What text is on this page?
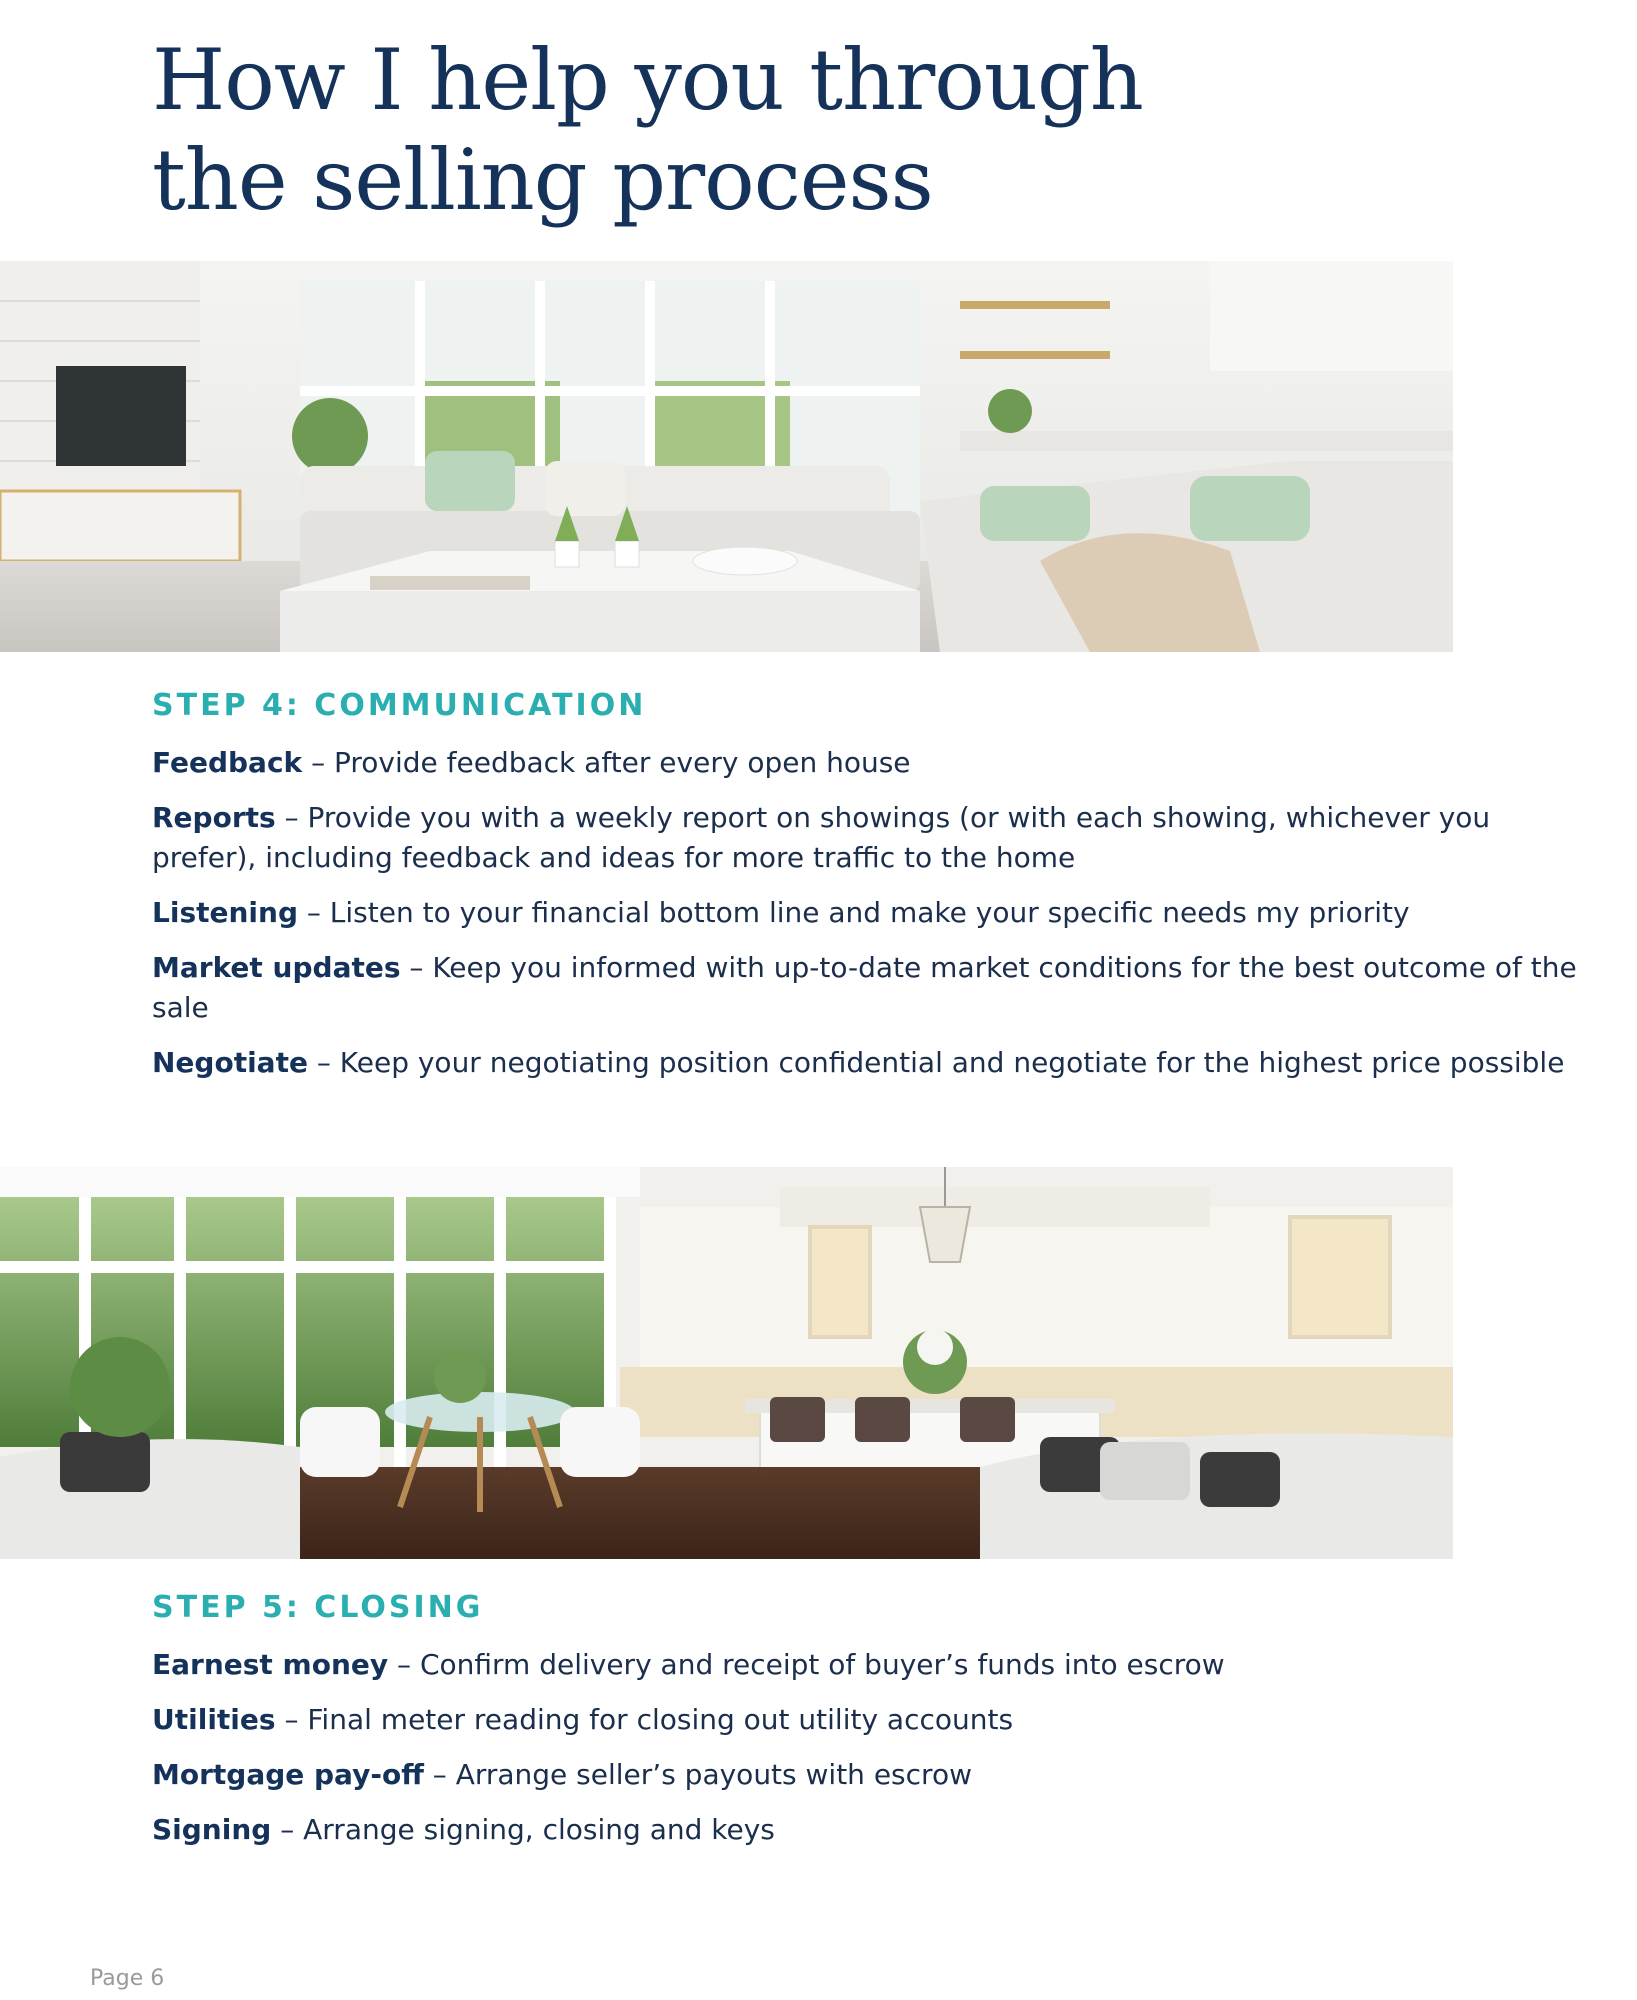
How I help you through
the selling process
STEP 4: COMMUNICATION

Feedback – Provide feedback after every open house

Reports – Provide you with a weekly report on showings (or with each showing, whichever you prefer), including feedback and ideas for more traffic to the home

Listening – Listen to your financial bottom line and make your specific needs my priority

Market updates – Keep you informed with up-to-date market conditions for the best outcome of the sale

Negotiate – Keep your negotiating position confidential and negotiate for the highest price possible

STEP 5: CLOSING

Earnest money – Confirm delivery and receipt of buyer’s funds into escrow

Utilities – Final meter reading for closing out utility accounts

Mortgage pay-off – Arrange seller’s payouts with escrow

Signing – Arrange signing, closing and keys

Page 6
